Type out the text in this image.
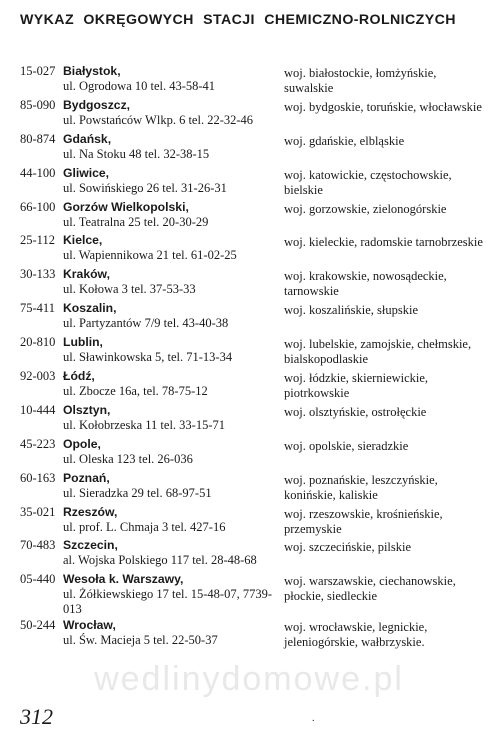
WYKAZ OKRĘGOWYCH STACJI CHEMICZNO-ROLNICZYCH
15-027 Białystok,
ul. Ogrodowa 10 tel. 43-58-41
woj. białostockie, łomżyńskie, suwalskie
85-090 Bydgoszcz,
ul. Powstańców Wlkp. 6 tel. 22-32-46
woj. bydgoskie, toruńskie, włocławskie
80-874 Gdańsk,
ul. Na Stoku 48 tel. 32-38-15
woj. gdańskie, elbląskie
44-100 Gliwice,
ul. Sowińskiego 26 tel. 31-26-31
woj. katowickie, częstochowskie, bielskie
66-100 Gorzów Wielkopolski,
ul. Teatralna 25 tel. 20-30-29
woj. gorzowskie, zielonogórskie
25-112 Kielce,
ul. Wapiennikowa 21 tel. 61-02-25
woj. kieleckie, radomskie tarnobrzeskie
30-133 Kraków,
ul. Kołowa 3 tel. 37-53-33
woj. krakowskie, nowosądeckie, tarnowskie
75-411 Koszalin,
ul. Partyzantów 7/9 tel. 43-40-38
woj. koszalińskie, słupskie
20-810 Lublin,
ul. Sławinkowska 5, tel. 71-13-34
woj. lubelskie, zamojskie, chełmskie, bialskopodlaskie
92-003 Łódź,
ul. Zbocze 16a, tel. 78-75-12
woj. łódzkie, skierniewickie, piotrkowskie
10-444 Olsztyn,
ul. Kołobrzeska 11 tel. 33-15-71
woj. olsztyńskie, ostrołęckie
45-223 Opole,
ul. Oleska 123 tel. 26-036
woj. opolskie, sieradzkie
60-163 Poznań,
ul. Sieradzka 29 tel. 68-97-51
woj. poznańskie, leszczyńskie, konińskie, kaliskie
35-021 Rzeszów,
ul. prof. L. Chmaja 3 tel. 427-16
woj. rzeszowskie, krośnieńskie, przemyskie
70-483 Szczecin,
al. Wojska Polskiego 117 tel. 28-48-68
woj. szczecińskie, pilskie
05-440 Wesoła k. Warszawy,
ul. Żółkiewskiego 17 tel. 15-48-07, 7739-013
woj. warszawskie, ciechanowskie, płockie, siedleckie
50-244 Wrocław,
ul. Św. Macieja 5 tel. 22-50-37
woj. wrocławskie, legnickie, jeleniogórskie, wałbrzyskie.
wedlinydomowe.pl
312	.
